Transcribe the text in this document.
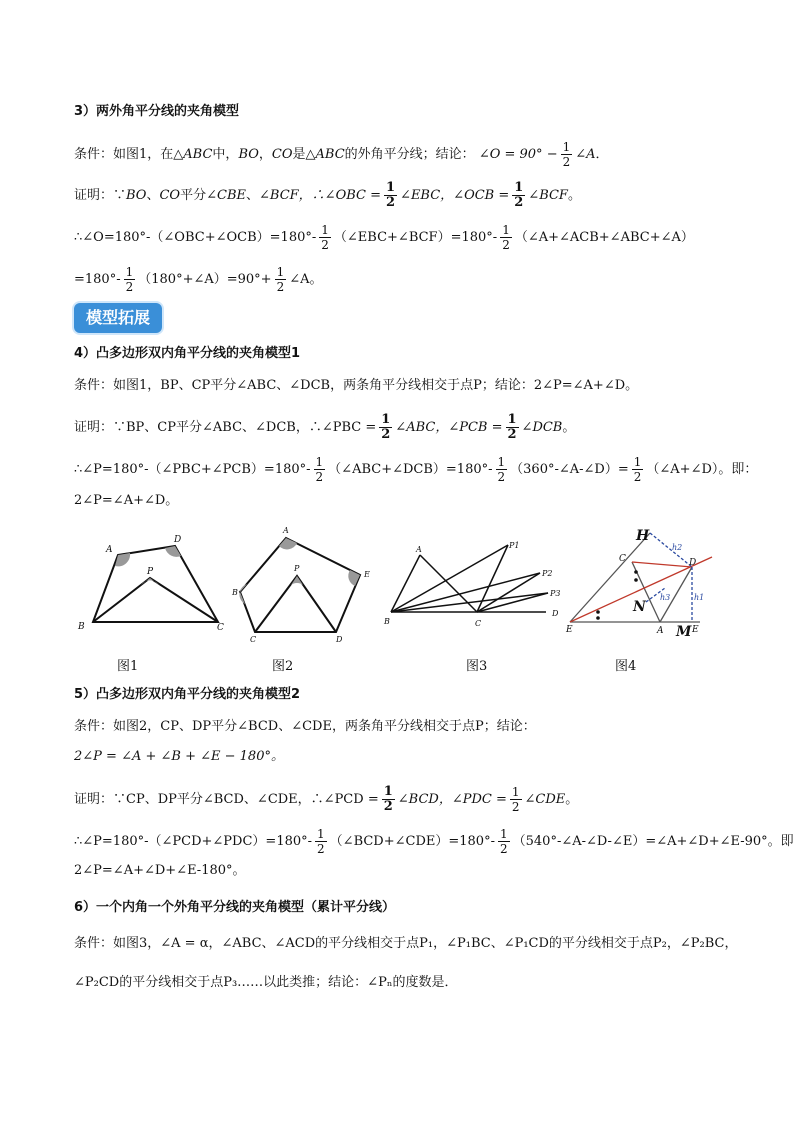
3）两外角平分线的夹角模型
条件：如图1，在△ABC中，BO，CO是△ABC的外角平分线；结论： ∠O = $90^\circ - \frac{1}{2}$ ∠A．
证明：∵BO、CO平分∠CBE、∠BCF，∴∠OBC = $\frac{1}{2}$ ∠EBC，∠OCB = $\frac{1}{2}$ ∠BCF。
∴∠O=180°-（∠OBC+∠OCB）=180°- $\frac{1}{2}$ （∠EBC+∠BCF）=180°- $\frac{1}{2}$ （∠A+∠ACB+∠ABC+∠A）
$=180^\circ- \frac{1}{2}$ （180°+∠A）=90°+ $\frac{1}{2}$ ∠A。
模型拓展
4）凸多边形双内角平分线的夹角模型1
条件：如图1，BP、CP平分∠ABC、∠DCB，两条角平分线相交于点P；结论：2∠P=∠A+∠D。
证明：∵BP、CP平分∠ABC、∠DCB，∴∠PBC = $\frac{1}{2}$ ∠ABC，∠PCB = $\frac{1}{2}$ ∠DCB。
∴∠P=180°-（∠PBC+∠PCB）=180°- $\frac{1}{2}$ （∠ABC+∠DCB）=180°- $\frac{1}{2}$ （360°-∠A-∠D）= $\frac{1}{2}$ （∠A+∠D）。即：
2∠P=∠A+∠D。
A
D
P
B	C
A
E
P
B
C	D
A	P1
P2
P3
B	C
D
H
C	D
N
E	A M E
h2
h1
h3
图1	图2	图3	图4
5）凸多边形双内角平分线的夹角模型2
条件：如图2，CP、DP平分∠BCD、∠CDE，两条角平分线相交于点P；结论：
2∠P = ∠A + ∠B + ∠E − 180°。
证明：∵CP、DP平分∠BCD、∠CDE，∴∠PCD = $\frac{1}{2}$ ∠BCD，∠PDC = $\frac{1}{2}$ ∠CDE。
∴∠P=180°-（∠PCD+∠PDC）=180°- $\frac{1}{2}$ （∠BCD+∠CDE）=180°- $\frac{1}{2}$ （540°-∠A-∠D-∠E）=∠A+∠D+∠E-90°。即
2∠P=∠A+∠D+∠E-180°。
6）一个内角一个外角平分线的夹角模型（累计平分线）
条件：如图3，∠A = α，∠ABC、∠ACD的平分线相交于点P₁，∠P₁BC、∠P₁CD的平分线相交于点P₂，∠P₂BC，
∠P₂CD的平分线相交于点P₃……以此类推；结论：∠Pₙ的度数是．
